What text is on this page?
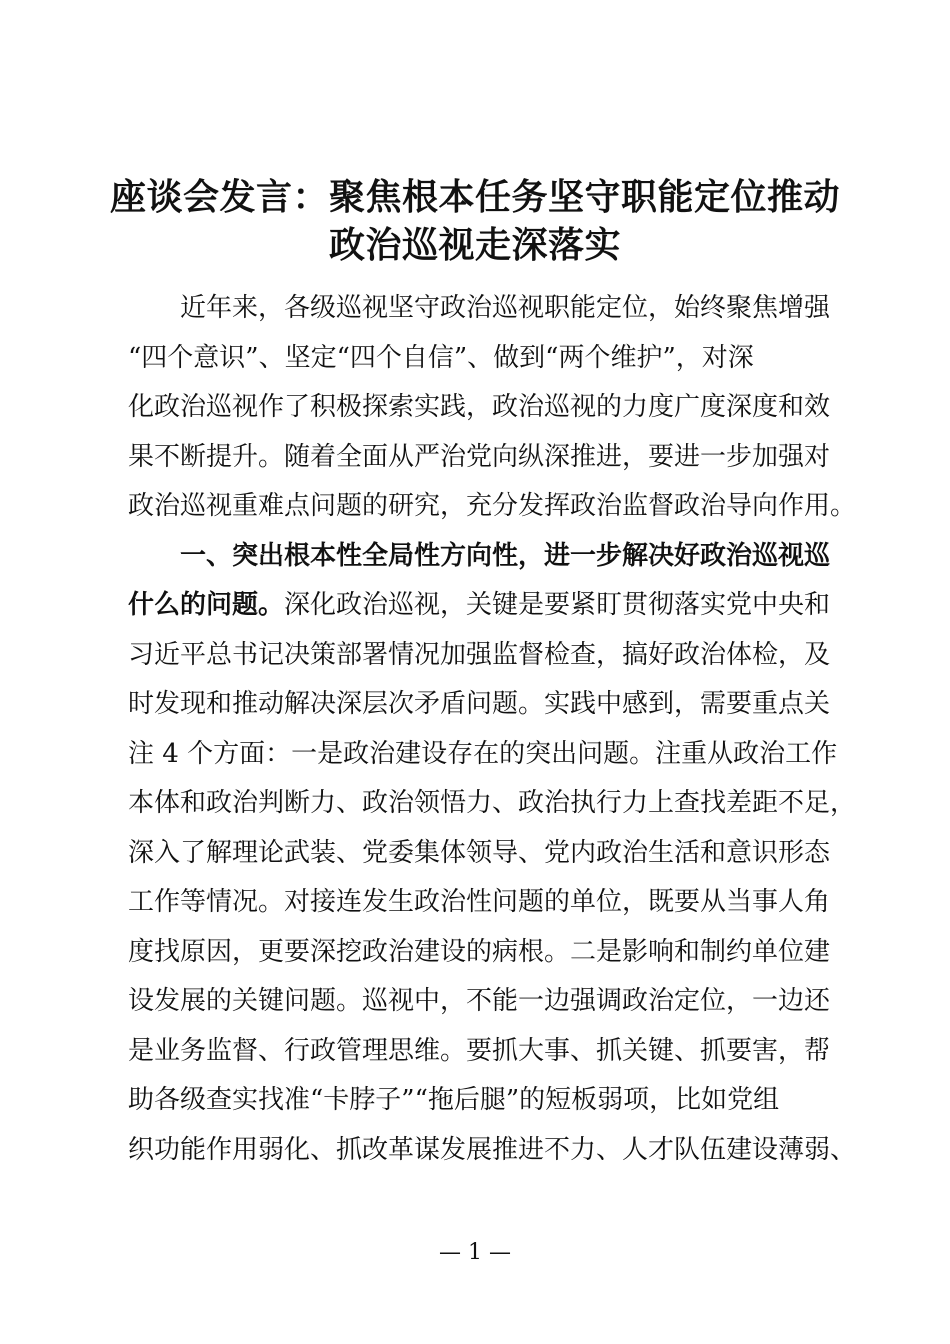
座谈会发言：聚焦根本任务坚守职能定位推动
政治巡视走深落实
近年来，各级巡视坚守政治巡视职能定位，始终聚焦增强
“四个意识”、坚定“四个自信”、做到“两个维护”，对深
化政治巡视作了积极探索实践，政治巡视的力度广度深度和效
果不断提升。随着全面从严治党向纵深推进，要进一步加强对
政治巡视重难点问题的研究，充分发挥政治监督政治导向作用。
一、突出根本性全局性方向性，进一步解决好政治巡视巡
什么的问题。深化政治巡视，关键是要紧盯贯彻落实党中央和
习近平总书记决策部署情况加强监督检查，搞好政治体检，及
时发现和推动解决深层次矛盾问题。实践中感到，需要重点关
注 4 个方面：一是政治建设存在的突出问题。注重从政治工作
本体和政治判断力、政治领悟力、政治执行力上查找差距不足，
深入了解理论武装、党委集体领导、党内政治生活和意识形态
工作等情况。对接连发生政治性问题的单位，既要从当事人角
度找原因，更要深挖政治建设的病根。二是影响和制约单位建
设发展的关键问题。巡视中，不能一边强调政治定位，一边还
是业务监督、行政管理思维。要抓大事、抓关键、抓要害，帮
助各级查实找准“卡脖子”“拖后腿”的短板弱项，比如党组
织功能作用弱化、抓改革谋发展推进不力、人才队伍建设薄弱、
— 1 —
